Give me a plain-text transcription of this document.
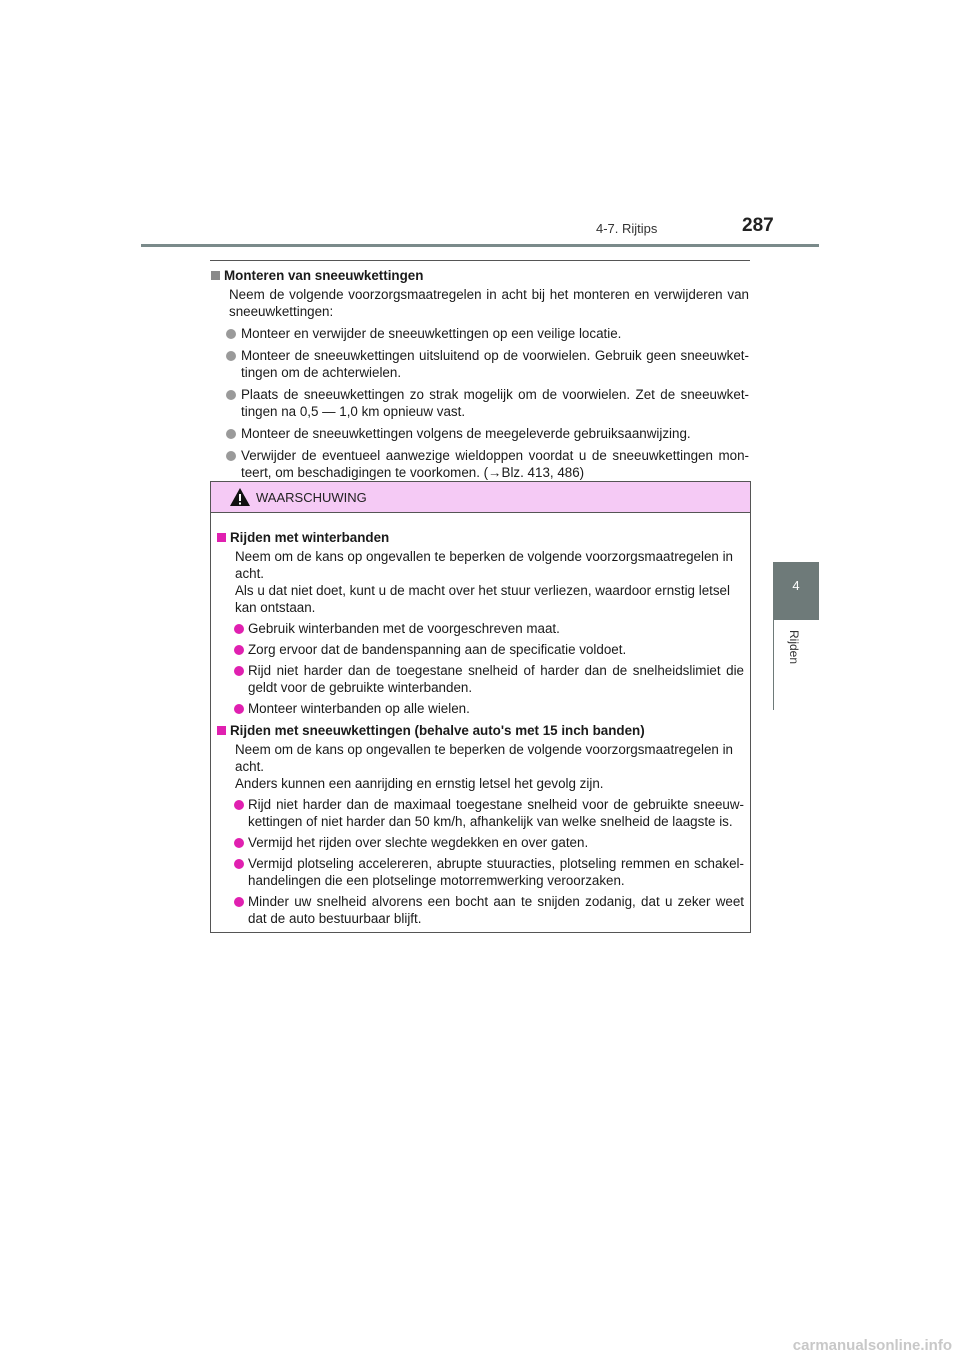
4-7. Rijtips	287
4
Rijden
Monteren van sneeuwkettingen
Neem de volgende voorzorgsmaatregelen in acht bij het monteren en verwijderen van sneeuwkettingen:
Monteer en verwijder de sneeuwkettingen op een veilige locatie.
Monteer de sneeuwkettingen uitsluitend op de voorwielen. Gebruik geen sneeuwket-tingen om de achterwielen.
Plaats de sneeuwkettingen zo strak mogelijk om de voorwielen. Zet de sneeuwket-tingen na 0,5 — 1,0 km opnieuw vast.
Monteer de sneeuwkettingen volgens de meegeleverde gebruiksaanwijzing.
Verwijder de eventueel aanwezige wieldoppen voordat u de sneeuwkettingen mon-teert, om beschadigingen te voorkomen. (→Blz. 413, 486)
WAARSCHUWING
Rijden met winterbanden
Neem om de kans op ongevallen te beperken de volgende voorzorgsmaatregelen in acht.
Als u dat niet doet, kunt u de macht over het stuur verliezen, waardoor ernstig letsel kan ontstaan.
Gebruik winterbanden met de voorgeschreven maat.
Zorg ervoor dat de bandenspanning aan de specificatie voldoet.
Rijd niet harder dan de toegestane snelheid of harder dan de snelheidslimiet die geldt voor de gebruikte winterbanden.
Monteer winterbanden op alle wielen.
Rijden met sneeuwkettingen (behalve auto's met 15 inch banden)
Neem om de kans op ongevallen te beperken de volgende voorzorgsmaatregelen in acht.
Anders kunnen een aanrijding en ernstig letsel het gevolg zijn.
Rijd niet harder dan de maximaal toegestane snelheid voor de gebruikte sneeuw-kettingen of niet harder dan 50 km/h, afhankelijk van welke snelheid de laagste is.
Vermijd het rijden over slechte wegdekken en over gaten.
Vermijd plotseling accelereren, abrupte stuuracties, plotseling remmen en schakel-handelingen die een plotselinge motorremwerking veroorzaken.
Minder uw snelheid alvorens een bocht aan te snijden zodanig, dat u zeker weet dat de auto bestuurbaar blijft.
carmanualsonline.info
